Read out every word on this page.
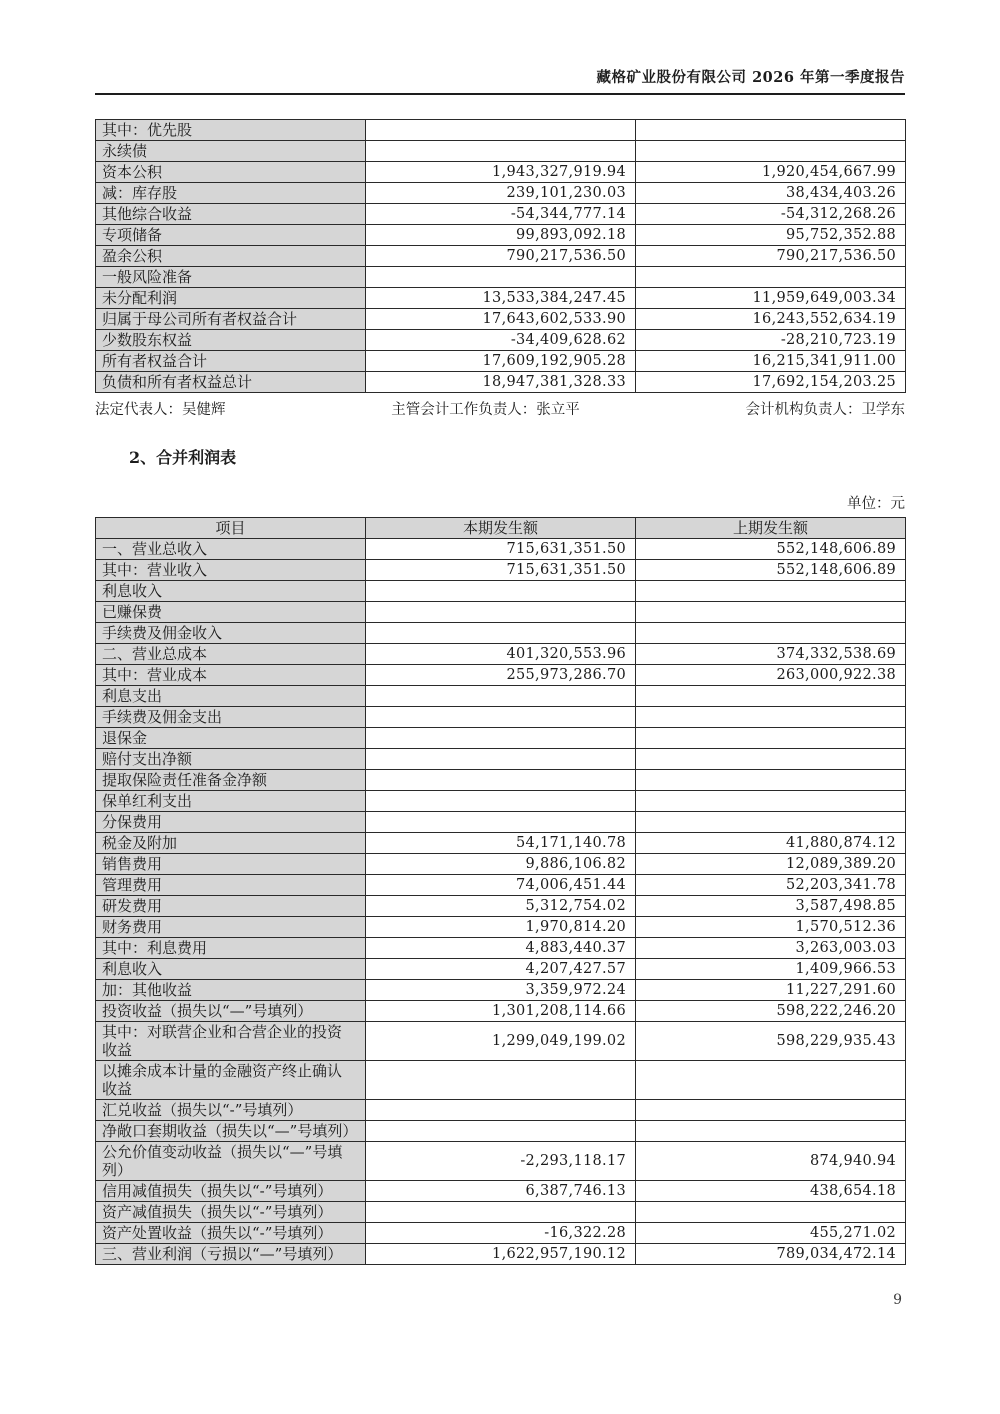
藏格矿业股份有限公司 2026 年第一季度报告
其中：优先股		
永续债		
资本公积	1,943,327,919.94	1,920,454,667.99
减：库存股	239,101,230.03	38,434,403.26
其他综合收益	-54,344,777.14	-54,312,268.26
专项储备	99,893,092.18	95,752,352.88
盈余公积	790,217,536.50	790,217,536.50
一般风险准备		
未分配利润	13,533,384,247.45	11,959,649,003.34
归属于母公司所有者权益合计	17,643,602,533.90	16,243,552,634.19
少数股东权益	-34,409,628.62	-28,210,723.19
所有者权益合计	17,609,192,905.28	16,215,341,911.00
负债和所有者权益总计	18,947,381,328.33	17,692,154,203.25
法定代表人：吴健辉	主管会计工作负责人：张立平	会计机构负责人：卫学东
2、合并利润表
单位：元
项目	本期发生额	上期发生额
一、营业总收入	715,631,351.50	552,148,606.89
其中：营业收入	715,631,351.50	552,148,606.89
利息收入		
已赚保费		
手续费及佣金收入		
二、营业总成本	401,320,553.96	374,332,538.69
其中：营业成本	255,973,286.70	263,000,922.38
利息支出		
手续费及佣金支出		
退保金		
赔付支出净额		
提取保险责任准备金净额		
保单红利支出		
分保费用		
税金及附加	54,171,140.78	41,880,874.12
销售费用	9,886,106.82	12,089,389.20
管理费用	74,006,451.44	52,203,341.78
研发费用	5,312,754.02	3,587,498.85
财务费用	1,970,814.20	1,570,512.36
其中：利息费用	4,883,440.37	3,263,003.03
利息收入	4,207,427.57	1,409,966.53
加：其他收益	3,359,972.24	11,227,291.60
投资收益（损失以“—”号填列）	1,301,208,114.66	598,222,246.20
其中：对联营企业和合营企业的投资收益	1,299,049,199.02	598,229,935.43
以摊余成本计量的金融资产终止确认收益		
汇兑收益（损失以“-”号填列）		
净敞口套期收益（损失以“—”号填列）		
公允价值变动收益（损失以“—”号填列）	-2,293,118.17	874,940.94
信用减值损失（损失以“-”号填列）	6,387,746.13	438,654.18
资产减值损失（损失以“-”号填列）		
资产处置收益（损失以“-”号填列）	-16,322.28	455,271.02
三、营业利润（亏损以“—”号填列）	1,622,957,190.12	789,034,472.14
9
